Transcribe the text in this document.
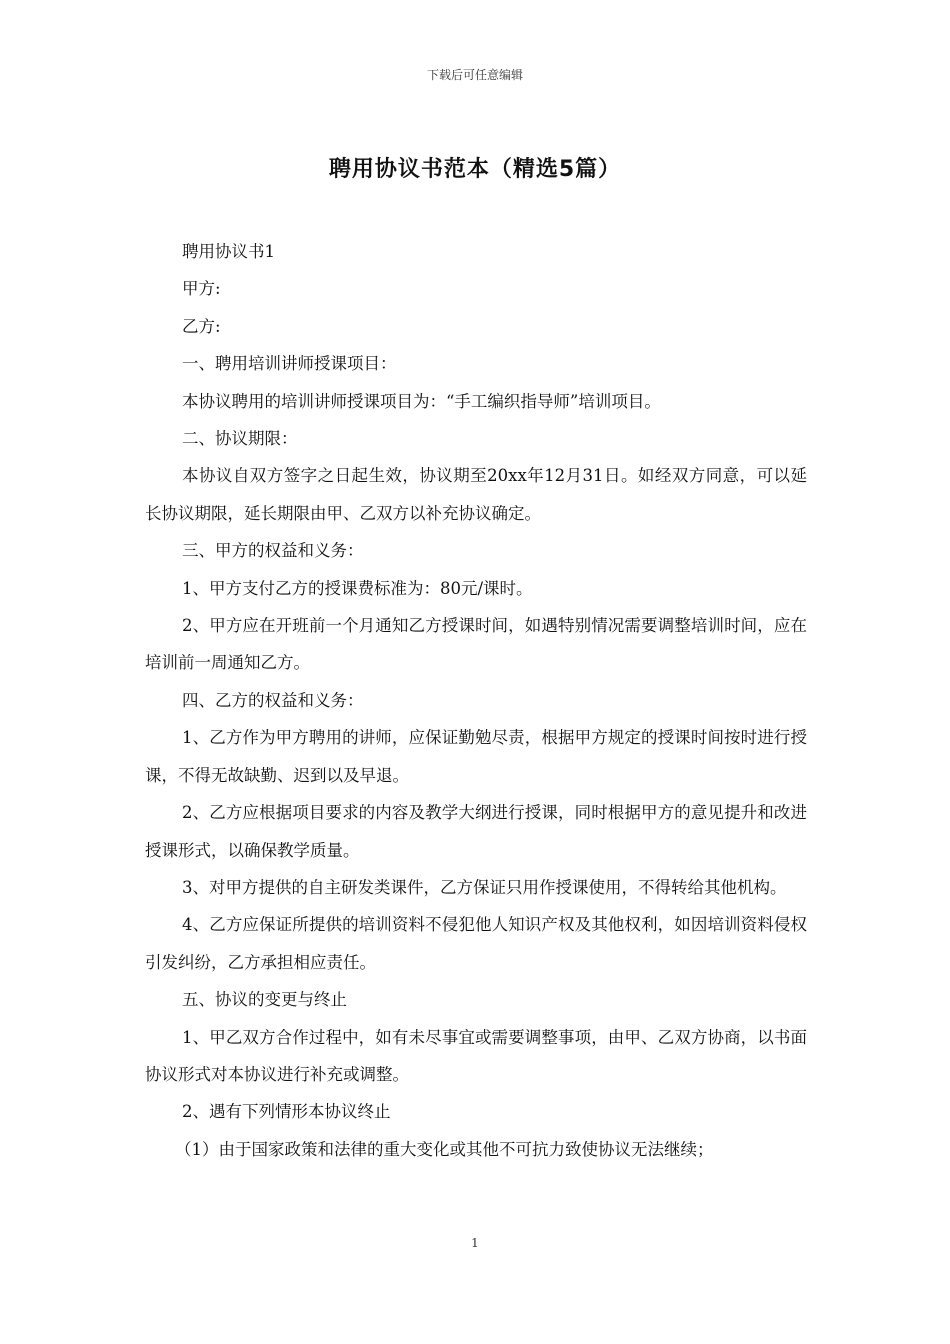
下载后可任意编辑
聘用协议书范本（精选5篇）

聘用协议书1

甲方:

乙方:

一、聘用培训讲师授课项目：

本协议聘用的培训讲师授课项目为：“手工编织指导师”培训项目。

二、协议期限：

本协议自双方签字之日起生效，协议期至20xx年12月31日。如经双方同意，可以延长协议期限，延长期限由甲、乙双方以补充协议确定。

三、甲方的权益和义务：

1、甲方支付乙方的授课费标准为：80元/课时。

2、甲方应在开班前一个月通知乙方授课时间，如遇特别情况需要调整培训时间，应在培训前一周通知乙方。

四、乙方的权益和义务：

1、乙方作为甲方聘用的讲师，应保证勤勉尽责，根据甲方规定的授课时间按时进行授课，不得无故缺勤、迟到以及早退。

2、乙方应根据项目要求的内容及教学大纲进行授课，同时根据甲方的意见提升和改进授课形式，以确保教学质量。

3、对甲方提供的自主研发类课件，乙方保证只用作授课使用，不得转给其他机构。

4、乙方应保证所提供的培训资料不侵犯他人知识产权及其他权利，如因培训资料侵权引发纠纷，乙方承担相应责任。

五、协议的变更与终止

1、甲乙双方合作过程中，如有未尽事宜或需要调整事项，由甲、乙双方协商，以书面协议形式对本协议进行补充或调整。

2、遇有下列情形本协议终止

（1）由于国家政策和法律的重大变化或其他不可抗力致使协议无法继续；

1
